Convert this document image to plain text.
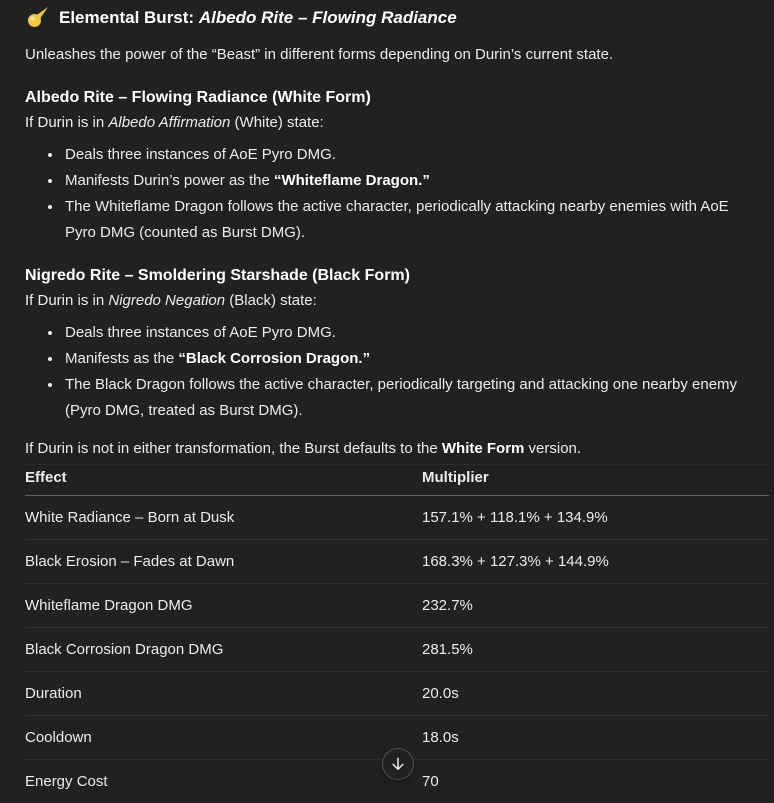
Elemental Burst: Albedo Rite – Flowing Radiance

Unleashes the power of the “Beast” in different forms depending on Durin’s current state.

Albedo Rite – Flowing Radiance (White Form)

If Durin is in Albedo Affirmation (White) state:

• Deals three instances of AoE Pyro DMG.
• Manifests Durin’s power as the “Whiteflame Dragon.”
• The Whiteflame Dragon follows the active character, periodically attacking nearby enemies with AoE Pyro DMG (counted as Burst DMG).
Nigredo Rite – Smoldering Starshade (Black Form)

If Durin is in Nigredo Negation (Black) state:

• Deals three instances of AoE Pyro DMG.
• Manifests as the “Black Corrosion Dragon.”
• The Black Dragon follows the active character, periodically targeting and attacking one nearby enemy (Pyro DMG, treated as Burst DMG).

If Durin is not in either transformation, the Burst defaults to the White Form version.

Effect	Multiplier
White Radiance – Born at Dusk	157.1% + 118.1% + 134.9%
Black Erosion – Fades at Dawn	168.3% + 127.3% + 144.9%
Whiteflame Dragon DMG	232.7%
Black Corrosion Dragon DMG	281.5%
Duration	20.0s
Cooldown	18.0s
Energy Cost	70
